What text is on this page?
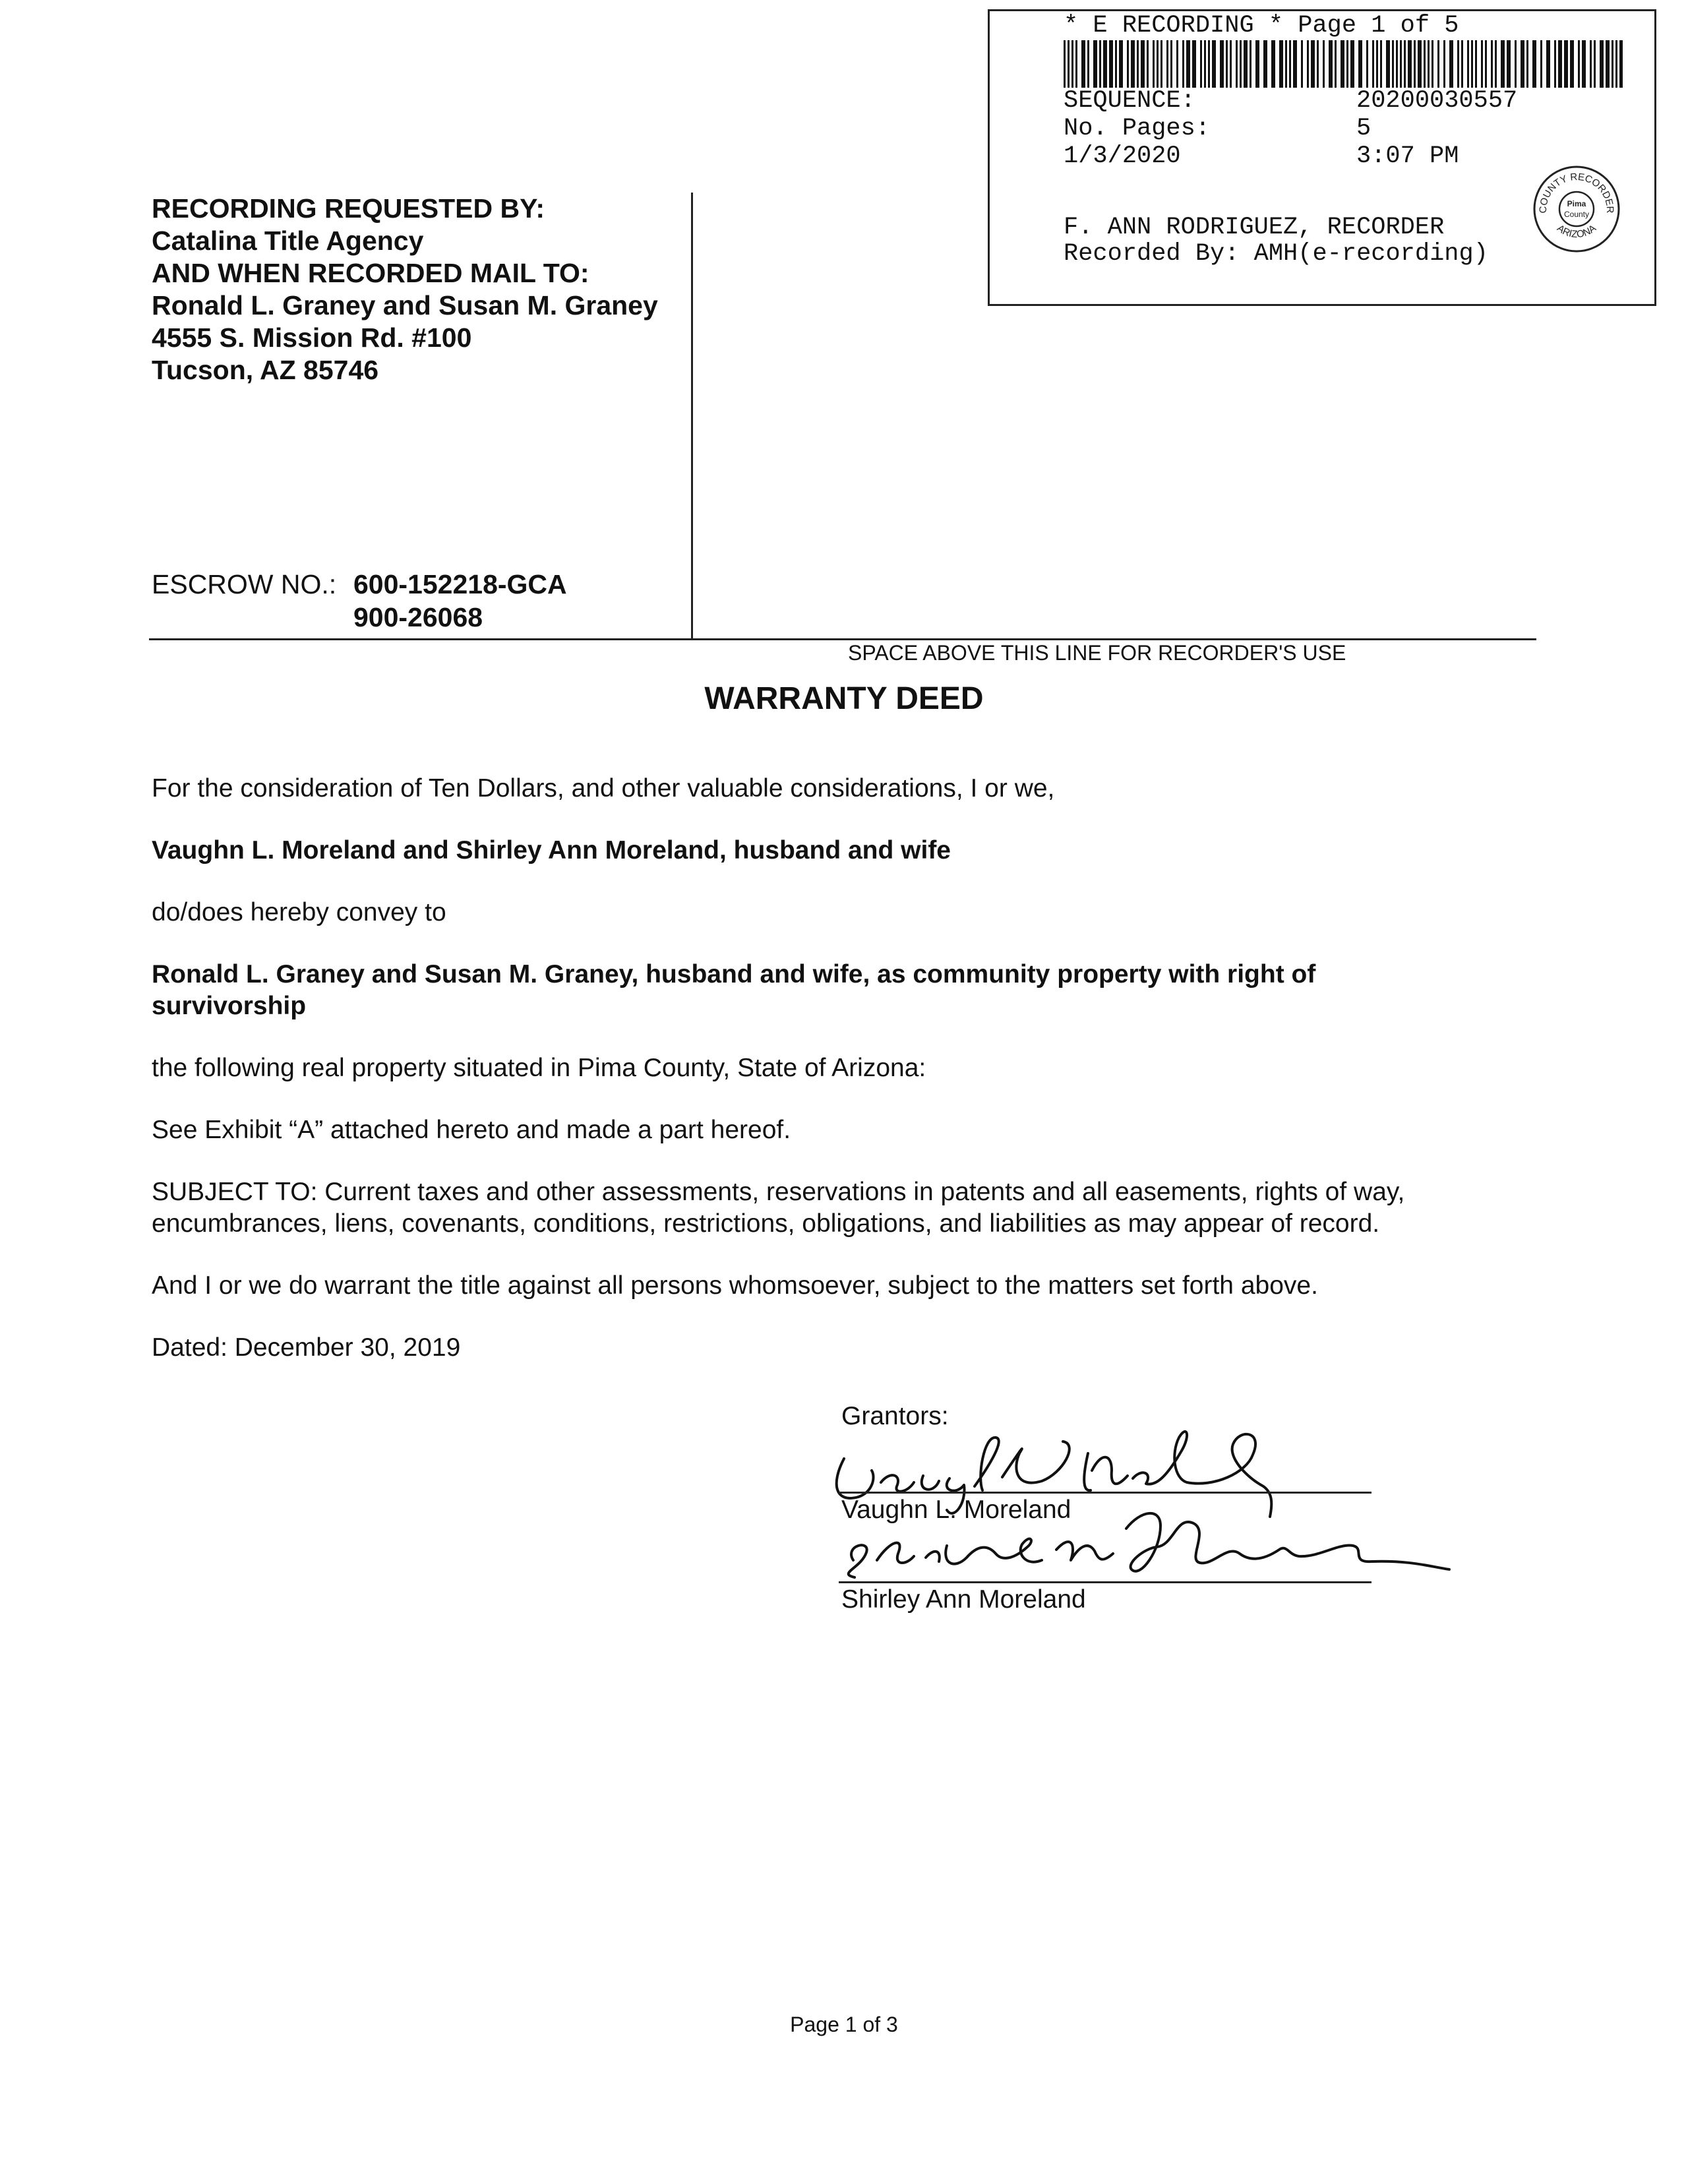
* E RECORDING * Page 1 of 5
SEQUENCE:	20200030557
No. Pages:	5
1/3/2020	3:07 PM
F. ANN RODRIGUEZ, RECORDER
Recorded By: AMH(e-recording)
COUNTY RECORDER
ARIZONA
Pima
County
RECORDING REQUESTED BY:
Catalina Title Agency
AND WHEN RECORDED MAIL TO:
Ronald L. Graney and Susan M. Graney
4555 S. Mission Rd. #100
Tucson, AZ 85746
ESCROW NO.: 600-152218-GCA
900-26068
SPACE ABOVE THIS LINE FOR RECORDER'S USE
WARRANTY DEED
For the consideration of Ten Dollars, and other valuable considerations, I or we,
Vaughn L. Moreland and Shirley Ann Moreland, husband and wife
do/does hereby convey to
Ronald L. Graney and Susan M. Graney, husband and wife, as community property with right of
survivorship
the following real property situated in Pima County, State of Arizona:
See Exhibit “A” attached hereto and made a part hereof.
SUBJECT TO: Current taxes and other assessments, reservations in patents and all easements, rights of way,
encumbrances, liens, covenants, conditions, restrictions, obligations, and liabilities as may appear of record.
And I or we do warrant the title against all persons whomsoever, subject to the matters set forth above.
Dated: December 30, 2019
Grantors:
Vaughn L. Moreland
Shirley Ann Moreland
Page 1 of 3
